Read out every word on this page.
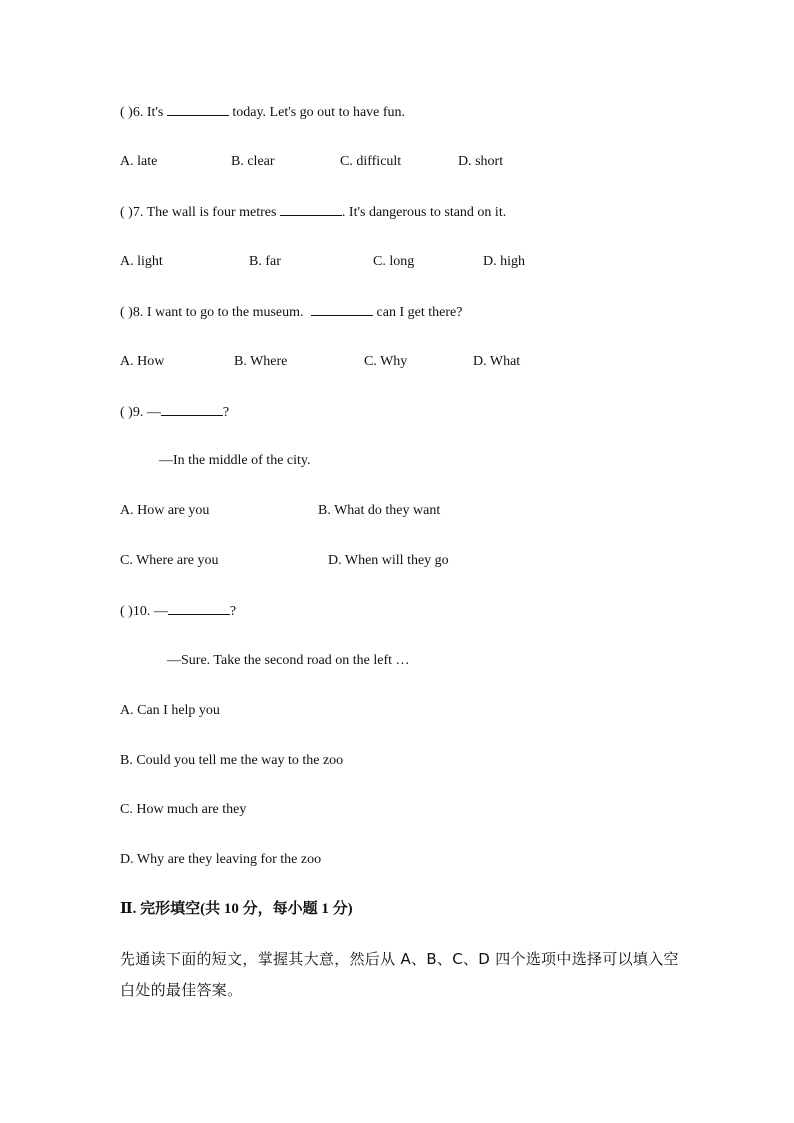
( )6. It's	today. Let's go out to have fun.
A. late	B. clear	C. difficult	D. short
( )7. The wall is four metres	. It's dangerous to stand on it.
A. light	B. far	C. long	D. high
( )8. I want to go to the museum.	can I get there?
A. How	B. Where	C. Why	D. What
( )9. —	?
—In the middle of the city.
A. How are you	B. What do they want
C. Where are you	D. When will they go
( )10. —	?
—Sure. Take the second road on the left …
A. Can I help you
B. Could you tell me the way to the zoo
C. How much are they
D. Why are they leaving for the zoo
Ⅱ. 完形填空(共 10 分，每小题 1 分)
先通读下面的短文，掌握其大意，然后从 A、B、C、D 四个选项中选择可以填入空白处的最佳答案。
